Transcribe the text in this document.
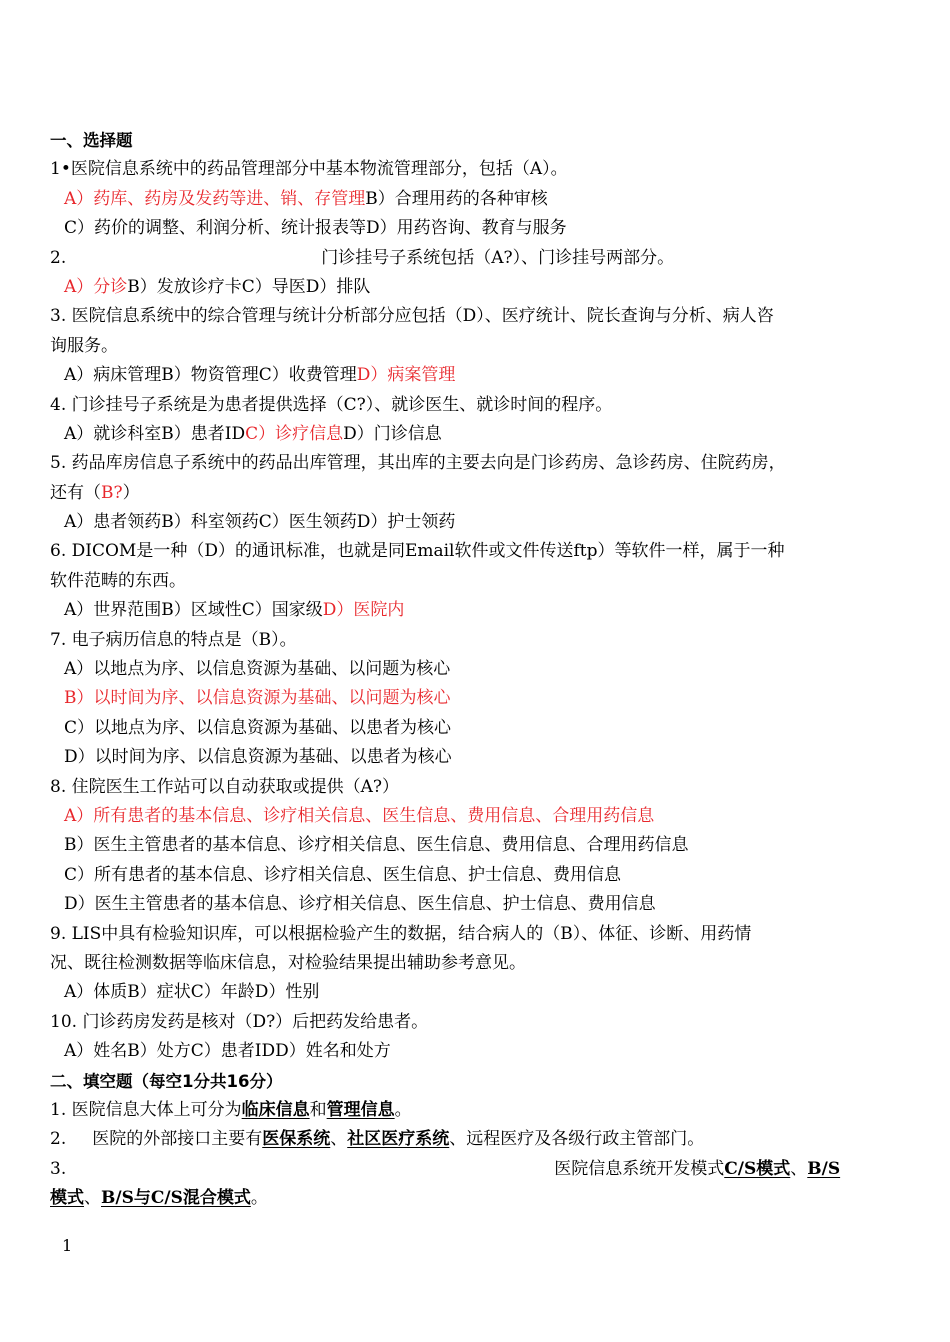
一、选择题
1•医院信息系统中的药品管理部分中基本物流管理部分，包括（A）。
A）药库、药房及发药等进、销、存管理B）合理用药的各种审核
C）药价的调整、利润分析、统计报表等D）用药咨询、教育与服务
2.	门诊挂号子系统包括（A?）、门诊挂号两部分。
A）分诊B）发放诊疗卡C）导医D）排队
3. 医院信息系统中的综合管理与统计分析部分应包括（D）、医疗统计、院长查询与分析、病人咨
询服务。
A）病床管理B）物资管理C）收费管理D）病案管理
4. 门诊挂号子系统是为患者提供选择（C?）、就诊医生、就诊时间的程序。
A）就诊科室B）患者IDC）诊疗信息D）门诊信息
5. 药品库房信息子系统中的药品出库管理，其出库的主要去向是门诊药房、急诊药房、住院药房，
还有（B?）
A）患者领药B）科室领药C）医生领药D）护士领药
6. DICOM是一种（D）的通讯标准，也就是同Email软件或文件传送ftp）等软件一样，属于一种
软件范畴的东西。
A）世界范围B）区域性C）国家级D）医院内
7. 电子病历信息的特点是（B）。
A）以地点为序、以信息资源为基础、以问题为核心
B）以时间为序、以信息资源为基础、以问题为核心
C）以地点为序、以信息资源为基础、以患者为核心
D）以时间为序、以信息资源为基础、以患者为核心
8. 住院医生工作站可以自动获取或提供（A?）
A）所有患者的基本信息、诊疗相关信息、医生信息、费用信息、合理用药信息
B）医生主管患者的基本信息、诊疗相关信息、医生信息、费用信息、合理用药信息
C）所有患者的基本信息、诊疗相关信息、医生信息、护士信息、费用信息
D）医生主管患者的基本信息、诊疗相关信息、医生信息、护士信息、费用信息
9. LIS中具有检验知识库，可以根据检验产生的数据，结合病人的（B）、体征、诊断、用药情
况、既往检测数据等临床信息，对检验结果提出辅助参考意见。
A）体质B）症状C）年龄D）性别
10. 门诊药房发药是核对（D?）后把药发给患者。
A）姓名B）处方C）患者IDD）姓名和处方
二、填空题（每空1分共16分）
1. 医院信息大体上可分为临床信息和管理信息。
2. 医院的外部接口主要有医保系统、社区医疗系统、远程医疗及各级行政主管部门。
3.	医院信息系统开发模式C/S模式、B/S
模式、B/S与C/S混合模式。
1
